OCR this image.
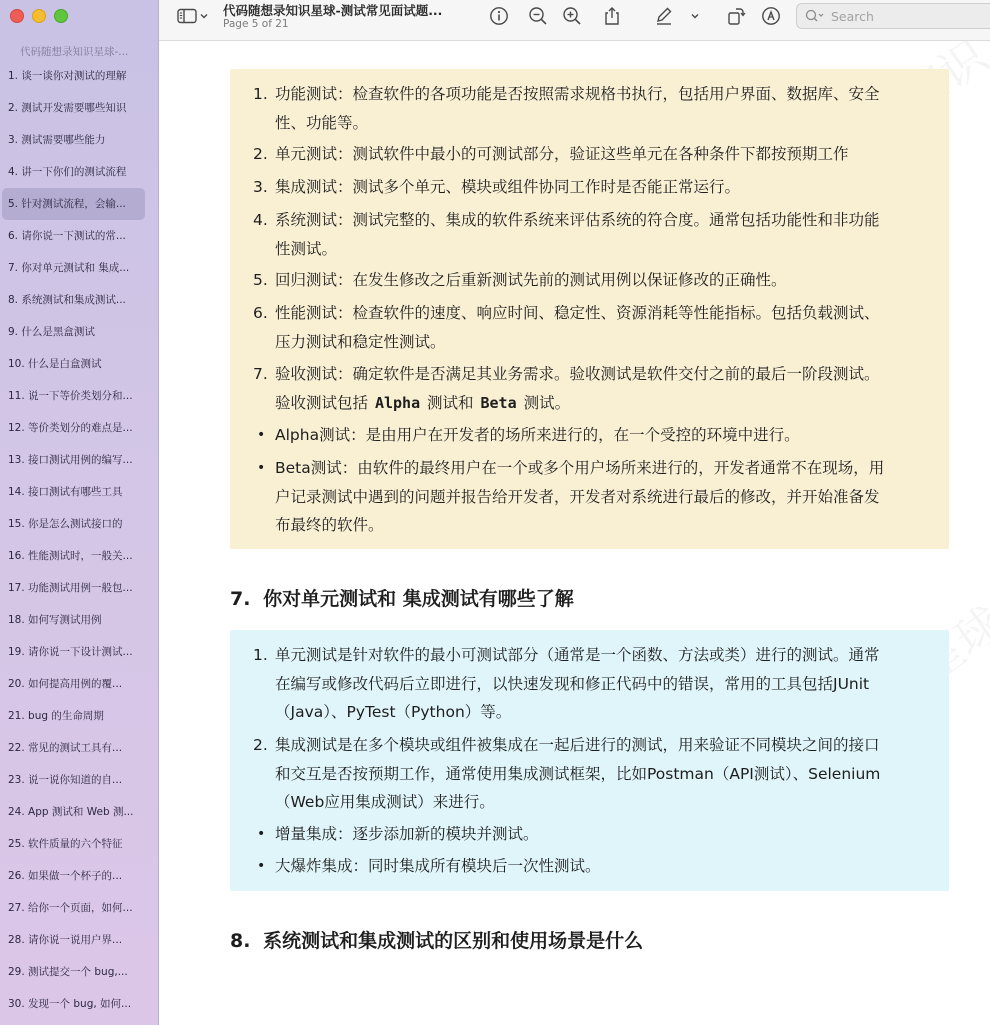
代码随想录知识星球-...
1. 谈一谈你对测试的理解
2. 测试开发需要哪些知识
3. 测试需要哪些能力
4. 讲一下你们的测试流程
5. 针对测试流程，会输...
6. 请你说一下测试的常...
7. 你对单元测试和 集成...
8. 系统测试和集成测试...
9. 什么是黑盒测试
10. 什么是白盒测试
11. 说一下等价类划分和...
12. 等价类划分的难点是...
13. 接口测试用例的编写...
14. 接口测试有哪些工具
15. 你是怎么测试接口的
16. 性能测试时，一般关...
17. 功能测试用例一般包...
18. 如何写测试用例
19. 请你说一下设计测试...
20. 如何提高用例的覆...
21. bug 的生命周期
22. 常见的测试工具有...
23. 说一说你知道的自...
24. App 测试和 Web 测...
25. 软件质量的六个特征
26. 如果做一个杯子的...
27. 给你一个页面，如何...
28. 请你说一说用户界...
29. 测试提交一个 bug,...
30. 发现一个 bug, 如何...
代码随想录知识星球-测试常见面试题...
Page 5 of 21
Search
1. 功能测试：检查软件的各项功能是否按照需求规格书执行，包括用户界面、数据库、安全
性、功能等。
2. 单元测试：测试软件中最小的可测试部分，验证这些单元在各种条件下都按预期工作
3. 集成测试：测试多个单元、模块或组件协同工作时是否能正常运行。
4. 系统测试：测试完整的、集成的软件系统来评估系统的符合度。通常包括功能性和非功能
性测试。
5. 回归测试：在发生修改之后重新测试先前的测试用例以保证修改的正确性。
6. 性能测试：检查软件的速度、响应时间、稳定性、资源消耗等性能指标。包括负载测试、
压力测试和稳定性测试。
7. 验收测试：确定软件是否满足其业务需求。验收测试是软件交付之前的最后一阶段测试。
验收测试包括 Alpha 测试和 Beta 测试。
• Alpha测试：是由用户在开发者的场所来进行的，在一个受控的环境中进行。
• Beta测试：由软件的最终用户在一个或多个用户场所来进行的，开发者通常不在现场，用
户记录测试中遇到的问题并报告给开发者，开发者对系统进行最后的修改，并开始准备发
布最终的软件。
7. 你对单元测试和 集成测试有哪些了解
1. 单元测试是针对软件的最小可测试部分（通常是一个函数、方法或类）进行的测试。通常
在编写或修改代码后立即进行，以快速发现和修正代码中的错误，常用的工具包括JUnit
（Java）、PyTest（Python）等。
2. 集成测试是在多个模块或组件被集成在一起后进行的测试，用来验证不同模块之间的接口
和交互是否按预期工作，通常使用集成测试框架，比如Postman（API测试）、Selenium
（Web应用集成测试）来进行。
• 增量集成：逐步添加新的模块并测试。
• 大爆炸集成：同时集成所有模块后一次性测试。
8. 系统测试和集成测试的区别和使用场景是什么
